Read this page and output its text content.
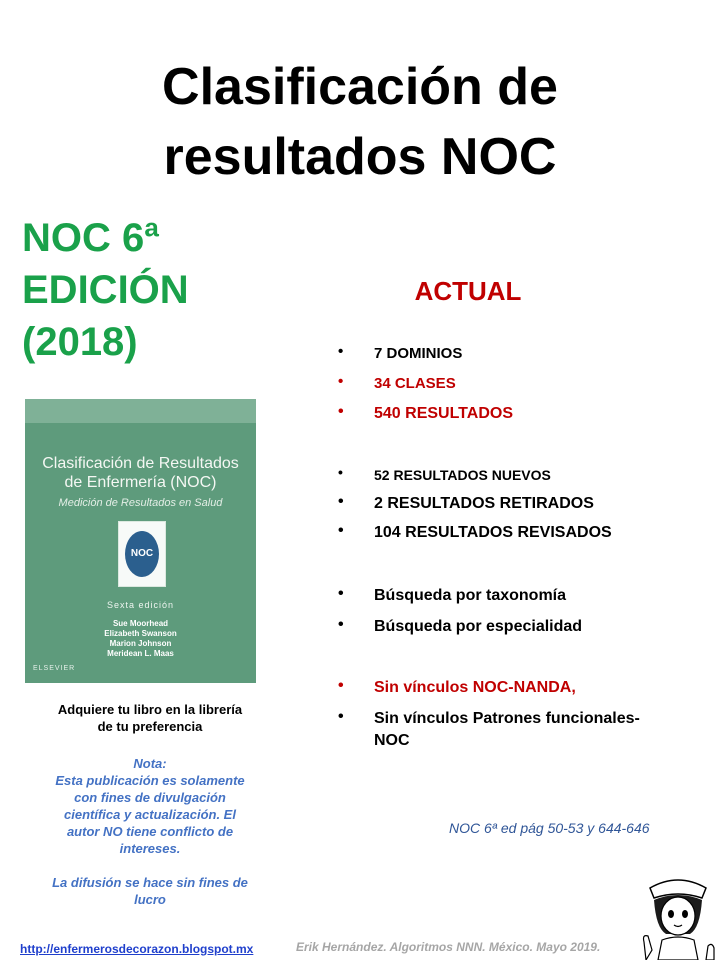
Clasificación de
resultados NOC
NOC 6ª
EDICIÓN
(2018)
Clasificación de Resultados
de Enfermería (NOC)
Medición de Resultados en Salud
NOC
Sexta edición
Sue Moorhead
Elizabeth Swanson
Marion Johnson
Meridean L. Maas
ELSEVIER
Adquiere tu libro en la librería
de tu preferencia

Nota:

Esta publicación es solamente

con fines de divulgación

científica y actualización. El

autor NO tiene conflicto de

intereses.

La difusión se hace sin fines de

lucro

ACTUAL
•	7 DOMINIOS
•	34 CLASES
•	540 RESULTADOS
•	52 RESULTADOS NUEVOS
•	2 RESULTADOS RETIRADOS
•	104 RESULTADOS REVISADOS
•	Búsqueda por taxonomía
•	Búsqueda por especialidad
•	Sin vínculos NOC-NANDA,
•	Sin vínculos Patrones funcionales-NOC
NOC 6ª ed pág 50-53 y 644-646
http://enfermerosdecorazon.blogspot.mx	Erik Hernández. Algoritmos NNN. México. Mayo 2019.
